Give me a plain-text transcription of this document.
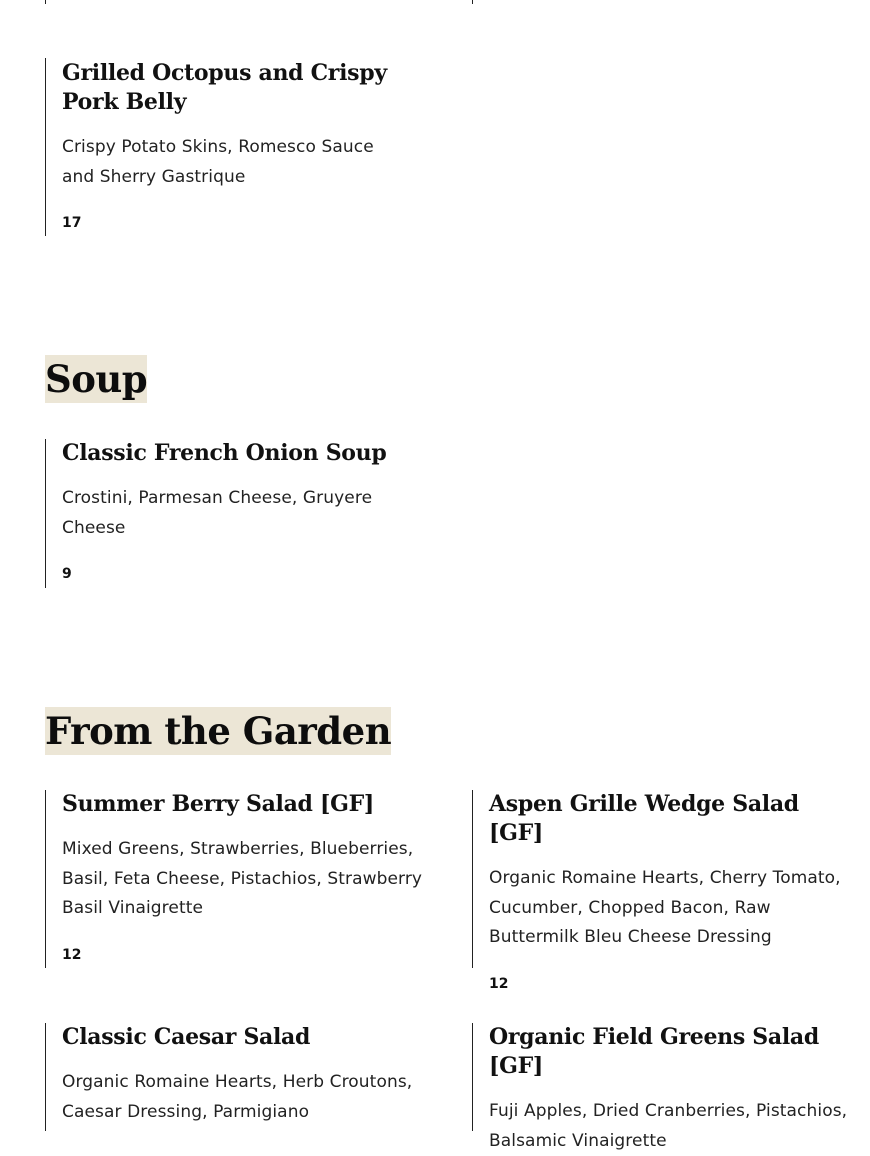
Grilled Octopus and Crispy Pork Belly

Crispy Potato Skins, Romesco Sauce and Sherry Gastrique

17

Soup
Classic French Onion Soup

Crostini, Parmesan Cheese, Gruyere Cheese

9

From the Garden
Summer Berry Salad [GF]

Mixed Greens, Strawberries, Blueberries, Basil, Feta Cheese, Pistachios, Strawberry Basil Vinaigrette

12

Aspen Grille Wedge Salad [GF]

Organic Romaine Hearts, Cherry Tomato, Cucumber, Chopped Bacon, Raw Buttermilk Bleu Cheese Dressing

12

Classic Caesar Salad

Organic Romaine Hearts, Herb Croutons, Caesar Dressing, Parmigiano

Organic Field Greens Salad [GF]

Fuji Apples, Dried Cranberries, Pistachios, Balsamic Vinaigrette
